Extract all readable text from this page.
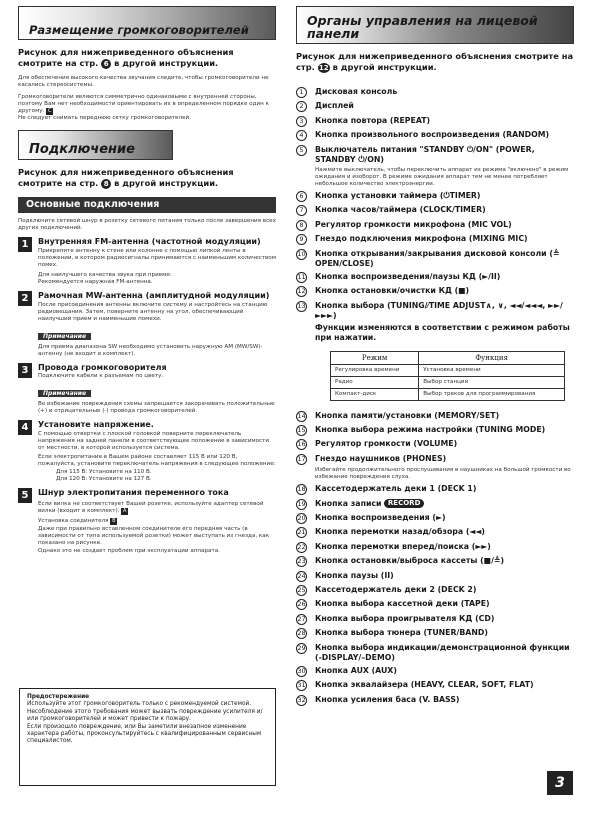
Размещение громкоговорителей
Рисунок для нижеприведенного объяснения смотрите на стр. 6 в другой инструкции.
Для обеспечения высокого качества звучания следите, чтобы громкоговорители не касались стереосистемы.
Громкоговорители являются симметрично одинаковыми с внутренней стороны, поэтому Вам нет необходимости ориентировать их в определенном порядке один к другому. C
Не следует снимать переднюю сетку громкоговорителей.
Подключение
Рисунок для нижеприведенного объяснения смотрите на стр. 8 в другой инструкции.
Основные подключения
Подключите сетевой шнур в розетку сетевого питания только после завершения всех других подключений.
1	Внутренняя FM-антенна (частотной модуляции)
Прикрепите антенну к стене или колонне с помощью липкой ленты в положении, в котором радиосигналы принимаются с наименьшим количеством помех.
Для наилучшего качества звука при приеме:
Рекомендуется наружная FM-антенна.
2	Рамочная MW-антенна (амплитудной модуляции)
После присоединения антенны включите систему и настройтесь на станцию радиовещания. Затем, поверните антенну на угол, обеспечивающий наилучший прием и наименьшие помехи.
Примечание
Для приема диапазона SW необходимо установить наружную AM (MW/SW)-антенну (не входит в комплект).
3	Провода громкоговорителя
Подключите кабели к разъемам по цвету.
Примечание
Во избежание повреждения схемы запрещается закорачивать положительные (+) и отрицательные (-) провода громкоговорителей.
4	Установите напряжение.
С помощью отвертки с плоской головкой поверните переключатель напряжения на задней панели в соответствующее положение в зависимости от местности, в которой используется система.
Если электропитание в Вашем районе составляет 115 В или 120 В, пожалуйста, установите переключатель напряжения в следующее положение:
Для 115 В: Установите на 110 В.
Для 120 В: Установите на 127 В.
5	Шнур электропитания переменного тока
Если вилка не соответствует Вашей розетке, используйте адаптер сетевой вилки (входит в комплект). A
Установка соединителя B
Даже при правильно вставленном соединителе его передняя часть (в зависимости от типа используемой розетки) может выступать из гнезда, как показано на рисунке.
Однако это не создает проблем при эксплуатации аппарата.
Предостережение
Используйте этот громкоговоритель только с рекомендуемой системой.
Несоблюдение этого требования может вызвать повреждение усилителя и/или громкоговорителей и может привести к пожару.
Если произошло повреждение, или Вы заметили внезапное изменение характера работы, проконсультируйтесь с квалифицированным сервисным специалистом.
Органы управления на лицевой панели
Рисунок для нижеприведенного объяснения смотрите на стр. 12 в другой инструкции.
1	Дисковая консоль
2	Дисплей
3	Кнопка повтора (REPEAT)
4	Кнопка произвольного воспроизведения (RANDOM)
5	Выключатель питания "STANDBY ⏻/ON" (POWER, STANDBY ⏻/ON)
Нажмите выключатель, чтобы переключить аппарат из режима "включено" в режим ожидания и изоборот. В режиме ожидания аппарат тем не менее потребляет небольшое количество электроэнергии.
6	Кнопка установки таймера (⏻TIMER)
7	Кнопка часов/таймера (CLOCK/TIMER)
8	Регулятор громкости микрофона (MIC VOL)
9	Гнездо подключения микрофона (MIXING MIC)
10 Кнопка открывания/закрывания дисковой консоли (≜ OPEN/CLOSE)
11 Кнопка воспроизведения/паузы КД (►/II)
12 Кнопка остановки/очистки КД (■)
13 Кнопка выбора (TUNING/⁄TIME ADJUST∧, ∨, ◄◄/◄◄◄, ►►/►►►)
Функции изменяются в соответствии с режимом работы при нажатии.
Режим	Функция
Регулировка времени	Установка времени
Радио	Выбор станции
Компакт-диск	Выбор треков для программирования
14 Кнопка памяти/установки (MEMORY/SET)
15 Кнопка выбора режима настройки (TUNING MODE)
16 Регулятор громкости (VOLUME)
17 Гнездо наушников (PHONES)
Избегайте продолжительного прослушивания в наушниках на большой громкости во избежание повреждения слуха.
18 Кассетодержатель деки 1 (DECK 1)
19 Кнопка записи
RECORD
20 Кнопка воспроизведения (►)
21 Кнопка перемотки назад/обзора (◄◄)
22 Кнопка перемотки вперед/поиска (►►)
23 Кнопка остановки/выброса кассеты (■/≜)
24 Кнопка паузы (II)
25 Кассетодержатель деки 2 (DECK 2)
26 Кнопка выбора кассетной деки (TAPE)
27 Кнопка выбора проигрывателя КД (CD)
28 Кнопка выбора тюнера (TUNER/BAND)
29 Кнопка выбора индикации/демонстрационной функции (-DISPLAY/–DEMO)
30 Кнопка AUX (AUX)
31 Кнопка эквалайзера (HEAVY, CLEAR, SOFT, FLAT)
32 Кнопка усиления баса (V. BASS)
3
